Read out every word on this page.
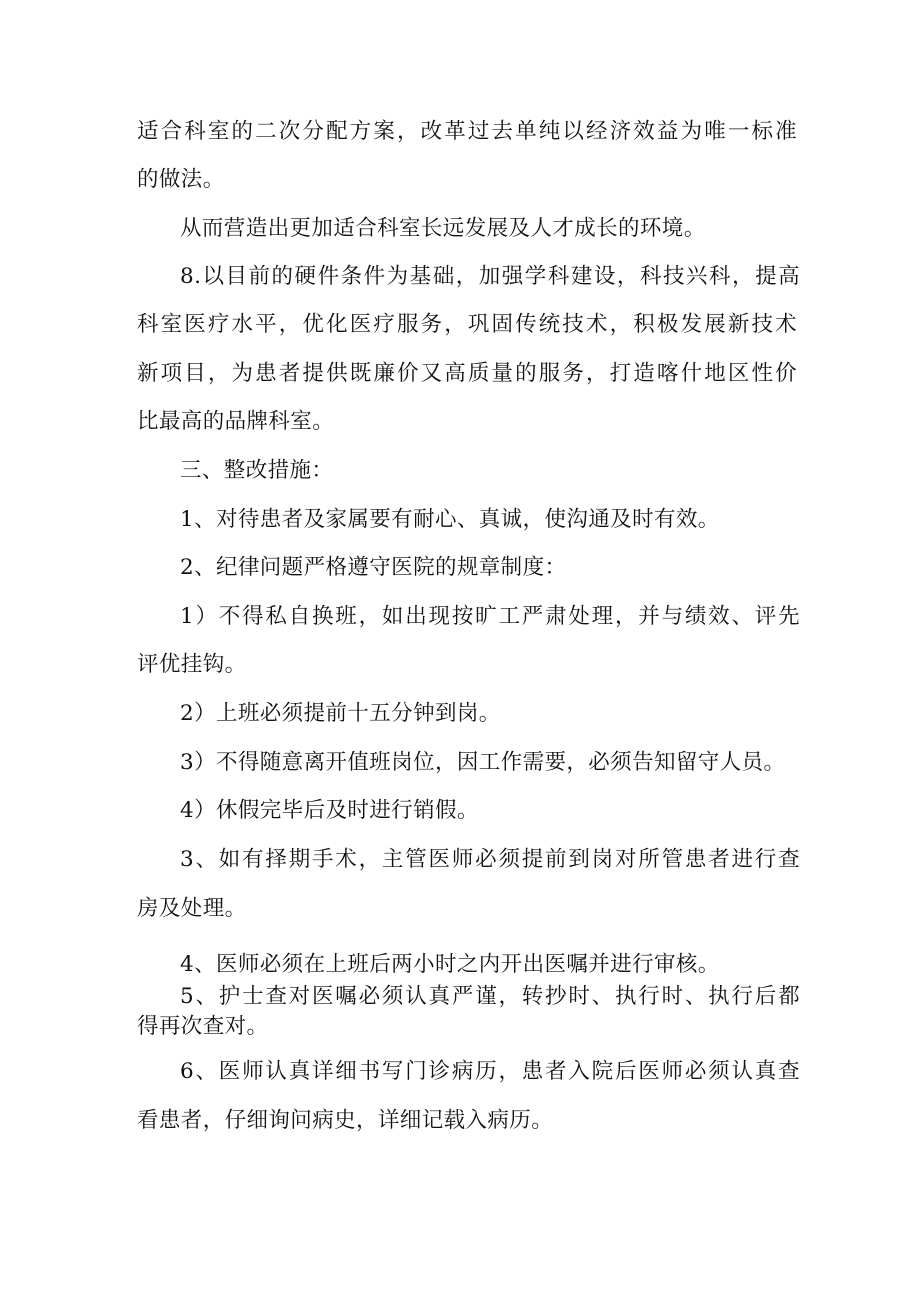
适合科室的二次分配方案，改革过去单纯以经济效益为唯一标准
的做法。
从而营造出更加适合科室长远发展及人才成长的环境。
8.以目前的硬件条件为基础，加强学科建设，科技兴科，提高
科室医疗水平，优化医疗服务，巩固传统技术，积极发展新技术
新项目，为患者提供既廉价又高质量的服务，打造喀什地区性价
比最高的品牌科室。
三、整改措施：
1、对待患者及家属要有耐心、真诚，使沟通及时有效。
2、纪律问题严格遵守医院的规章制度：
1）不得私自换班，如出现按旷工严肃处理，并与绩效、评先
评优挂钩。
2）上班必须提前十五分钟到岗。
3）不得随意离开值班岗位，因工作需要，必须告知留守人员。
4）休假完毕后及时进行销假。
3、如有择期手术，主管医师必须提前到岗对所管患者进行查
房及处理。
4、医师必须在上班后两小时之内开出医嘱并进行审核。
5、护士查对医嘱必须认真严谨，转抄时、执行时、执行后都
得再次查对。
6、医师认真详细书写门诊病历，患者入院后医师必须认真查
看患者，仔细询问病史，详细记载入病历。
